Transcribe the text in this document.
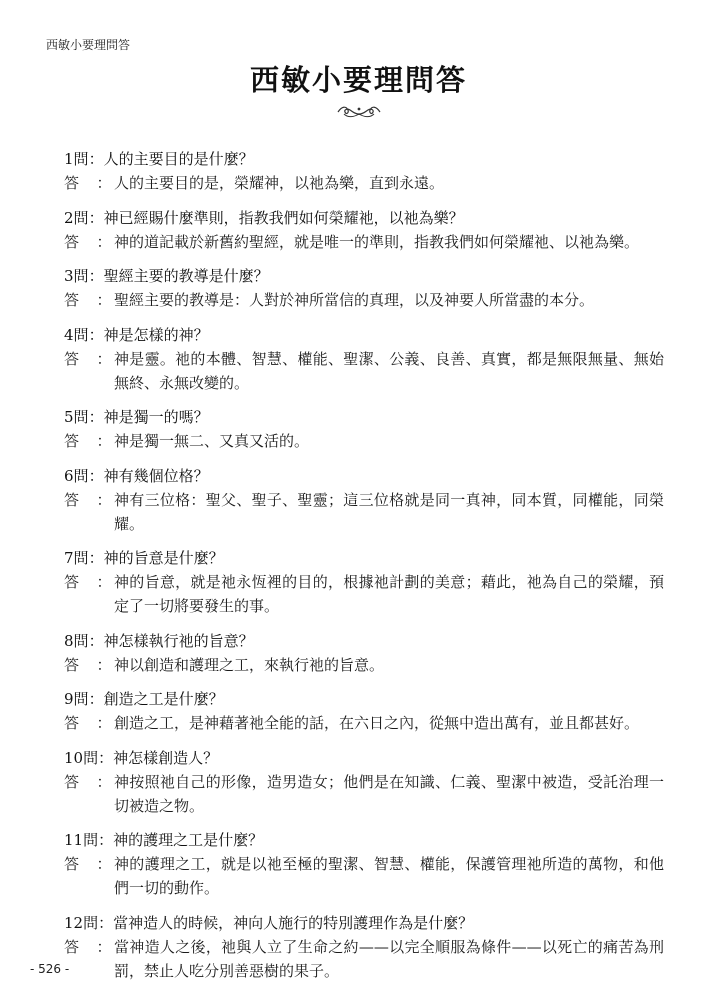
西敏小要理問答
西敏小要理問答
1 問 ： 人的主要目的是什麼？
答	： 人的主要目的是，榮耀神，以祂為樂，直到永遠。
2 問 ： 神已經賜什麼準則，指教我們如何榮耀祂，以祂為樂？
答	： 神的道記載於新舊約聖經，就是唯一的準則，指教我們如何榮耀祂、以祂為樂。
3 問 ： 聖經主要的教導是什麼？
答	： 聖經主要的教導是：人對於神所當信的真理，以及神要人所當盡的本分。
4 問 ： 神是怎樣的神？
答	： 神是靈。祂的本體、智慧、權能、聖潔、公義、良善、真實，都是無限無量、無始無終、永無改變的。
5 問 ： 神是獨一的嗎？
答	： 神是獨一無二、又真又活的。
6 問 ： 神有幾個位格？
答	： 神有三位格：聖父、聖子、聖靈；這三位格就是同一真神，同本質，同權能，同榮耀。
7 問 ： 神的旨意是什麼？
答	： 神的旨意，就是祂永恆裡的目的，根據祂計劃的美意；藉此，祂為自己的榮耀，預定了一切將要發生的事。
8 問 ： 神怎樣執行祂的旨意？
答	： 神以創造和護理之工，來執行祂的旨意。
9 問 ： 創造之工是什麼？
答	： 創造之工，是神藉著祂全能的話，在六日之內，從無中造出萬有，並且都甚好。
10 問 ： 神怎樣創造人？
答	： 神按照祂自己的形像，造男造女；他們是在知識、仁義、聖潔中被造，受託治理一切被造之物。
11 問 ： 神的護理之工是什麼？
答	： 神的護理之工，就是以祂至極的聖潔、智慧、權能，保護管理祂所造的萬物，和他們一切的動作。
12 問 ： 當神造人的時候，神向人施行的特別護理作為是什麼？
答	： 當神造人之後，祂與人立了生命之約——以完全順服為條件——以死亡的痛苦為刑罰，禁止人吃分別善惡樹的果子。
- 526 -
